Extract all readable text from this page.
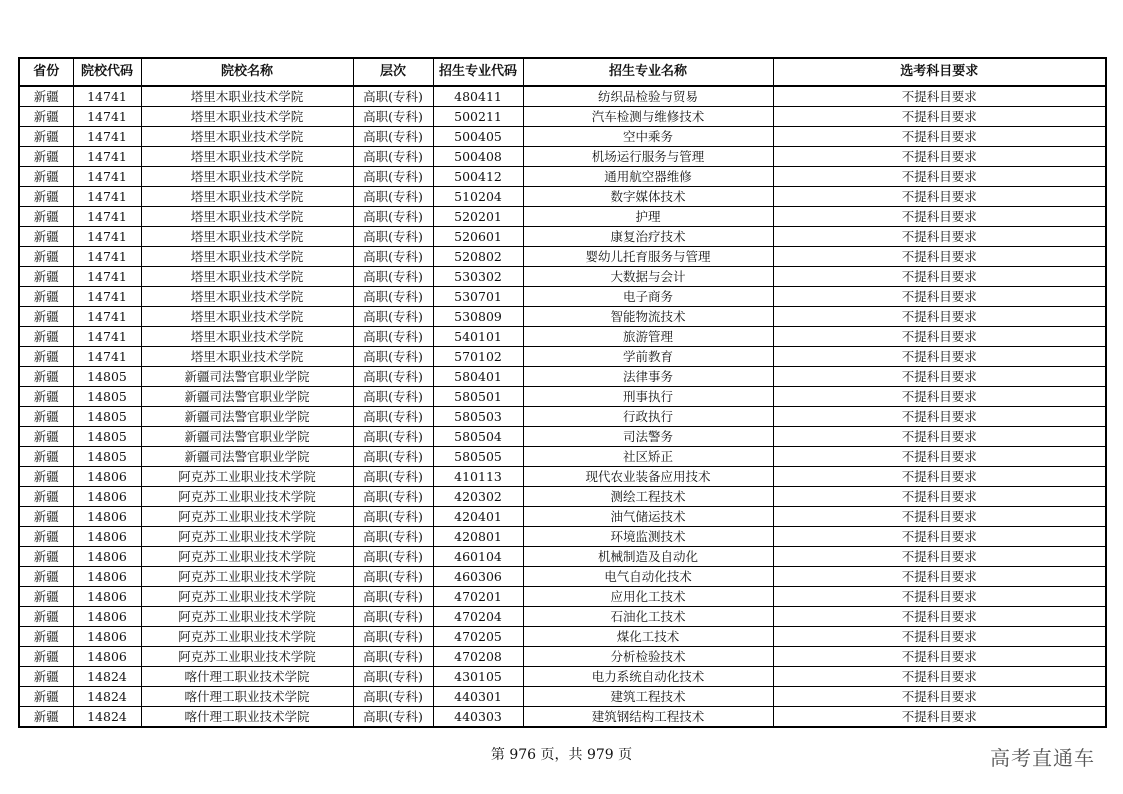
省份	院校代码	院校名称	层次	招生专业代码	招生专业名称	选考科目要求
新疆	14741	塔里木职业技术学院	高职(专科)	480411	纺织品检验与贸易	不提科目要求
新疆	14741	塔里木职业技术学院	高职(专科)	500211	汽车检测与维修技术	不提科目要求
新疆	14741	塔里木职业技术学院	高职(专科)	500405	空中乘务	不提科目要求
新疆	14741	塔里木职业技术学院	高职(专科)	500408	机场运行服务与管理	不提科目要求
新疆	14741	塔里木职业技术学院	高职(专科)	500412	通用航空器维修	不提科目要求
新疆	14741	塔里木职业技术学院	高职(专科)	510204	数字媒体技术	不提科目要求
新疆	14741	塔里木职业技术学院	高职(专科)	520201	护理	不提科目要求
新疆	14741	塔里木职业技术学院	高职(专科)	520601	康复治疗技术	不提科目要求
新疆	14741	塔里木职业技术学院	高职(专科)	520802	婴幼儿托育服务与管理	不提科目要求
新疆	14741	塔里木职业技术学院	高职(专科)	530302	大数据与会计	不提科目要求
新疆	14741	塔里木职业技术学院	高职(专科)	530701	电子商务	不提科目要求
新疆	14741	塔里木职业技术学院	高职(专科)	530809	智能物流技术	不提科目要求
新疆	14741	塔里木职业技术学院	高职(专科)	540101	旅游管理	不提科目要求
新疆	14741	塔里木职业技术学院	高职(专科)	570102	学前教育	不提科目要求
新疆	14805	新疆司法警官职业学院	高职(专科)	580401	法律事务	不提科目要求
新疆	14805	新疆司法警官职业学院	高职(专科)	580501	刑事执行	不提科目要求
新疆	14805	新疆司法警官职业学院	高职(专科)	580503	行政执行	不提科目要求
新疆	14805	新疆司法警官职业学院	高职(专科)	580504	司法警务	不提科目要求
新疆	14805	新疆司法警官职业学院	高职(专科)	580505	社区矫正	不提科目要求
新疆	14806	阿克苏工业职业技术学院	高职(专科)	410113	现代农业装备应用技术	不提科目要求
新疆	14806	阿克苏工业职业技术学院	高职(专科)	420302	测绘工程技术	不提科目要求
新疆	14806	阿克苏工业职业技术学院	高职(专科)	420401	油气储运技术	不提科目要求
新疆	14806	阿克苏工业职业技术学院	高职(专科)	420801	环境监测技术	不提科目要求
新疆	14806	阿克苏工业职业技术学院	高职(专科)	460104	机械制造及自动化	不提科目要求
新疆	14806	阿克苏工业职业技术学院	高职(专科)	460306	电气自动化技术	不提科目要求
新疆	14806	阿克苏工业职业技术学院	高职(专科)	470201	应用化工技术	不提科目要求
新疆	14806	阿克苏工业职业技术学院	高职(专科)	470204	石油化工技术	不提科目要求
新疆	14806	阿克苏工业职业技术学院	高职(专科)	470205	煤化工技术	不提科目要求
新疆	14806	阿克苏工业职业技术学院	高职(专科)	470208	分析检验技术	不提科目要求
新疆	14824	喀什理工职业技术学院	高职(专科)	430105	电力系统自动化技术	不提科目要求
新疆	14824	喀什理工职业技术学院	高职(专科)	440301	建筑工程技术	不提科目要求
新疆	14824	喀什理工职业技术学院	高职(专科)	440303	建筑钢结构工程技术	不提科目要求
第 976 页，共 979 页	高考直通车
